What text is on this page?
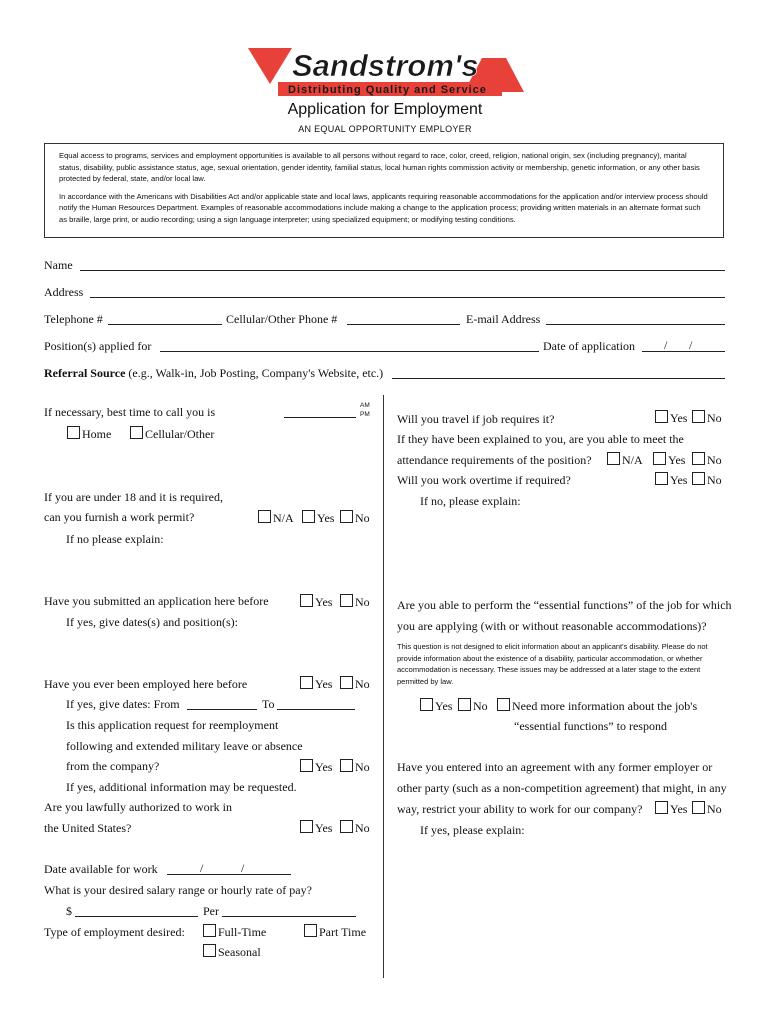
Sandstrom's
Distributing Quality and Service
Application for Employment
AN EQUAL OPPORTUNITY EMPLOYER

Equal access to programs, services and employment opportunities is available to all persons without regard to race, color, creed, religion, national origin, sex (including pregnancy), marital status, disability, public assistance status, age, sexual orientation, gender identity, familial status, local human rights commission activity or membership, genetic information, or any other basis protected by federal, state, and/or local law.

In accordance with the Americans with Disabilities Act and/or applicable state and local laws, applicants requiring reasonable accommodations for the application and/or interview process should notify the Human Resources Department. Examples of reasonable accommodations include making a change to the application process; providing written materials in an alternate format such as braille, large print, or audio recording; using a sign language interpreter; using specialized equipment; or modifying testing conditions.

Name
Address
Telephone #	Cellular/Other Phone #	E-mail Address
Position(s) applied for	Date of application / /
Referral Source (e.g., Walk-in, Job Posting, Company's Website, etc.)
If necessary, best time to call you is	AM
PM
Home	Cellular/Other
If you are under 18 and it is required,
can you furnish a work permit?	N/A	Yes	No
If no please explain:
Have you submitted an application here before	Yes	No
If yes, give dates(s) and position(s):
Have you ever been employed here before	Yes	No
If yes, give dates: From	To
Is this application request for reemployment
following and extended military leave or absence
from the company?	Yes	No
If yes, additional information may be requested.
Are you lawfully authorized to work in
the United States?	Yes	No
Date available for work	/	/
What is your desired salary range or hourly rate of pay?
$	Per
Type of employment desired:	Full-Time	Part Time
Seasonal
Will you travel if job requires it?	Yes	No
If they have been explained to you, are you able to meet the
attendance requirements of the position?	N/A	Yes	No
Will you work overtime if required?	Yes	No
If no, please explain:
Are you able to perform the “essential functions” of the job for which
you are applying (with or without reasonable accommodations)?
This question is not designed to elicit information about an applicant's disability. Please do not provide information about the existence of a disability, particular accommodation, or whether accommodation is necessary. These issues may be addressed at a later stage to the extent permitted by law.
Yes	No	Need more information about the job's
“essential functions” to respond
Have you entered into an agreement with any former employer or
other party (such as a non-competition agreement) that might, in any
way, restrict your ability to work for our company?	Yes	No
If yes, please explain:
